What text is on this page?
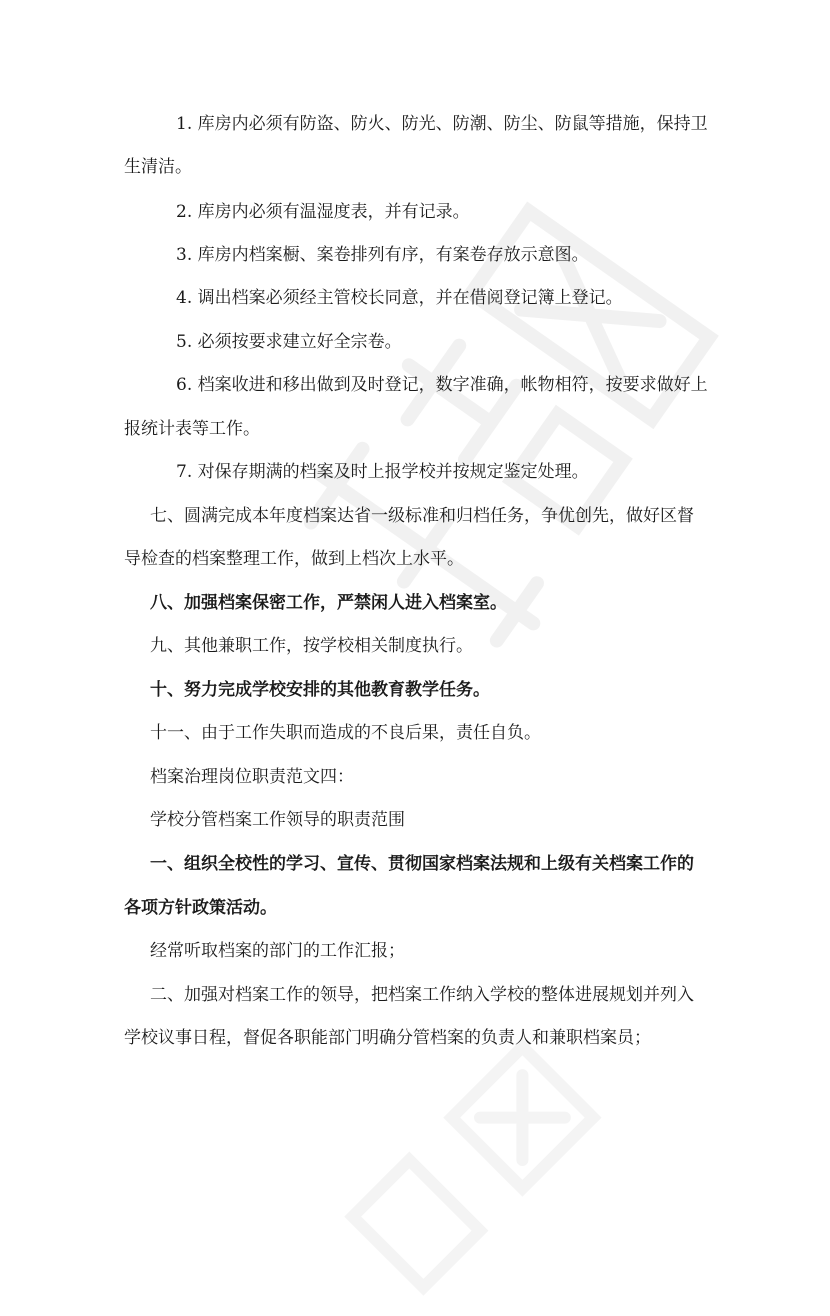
1. 库房内必须有防盗、防火、防光、防潮、防尘、防鼠等措施，保持卫
生清洁。
2. 库房内必须有温湿度表，并有记录。
3. 库房内档案橱、案卷排列有序，有案卷存放示意图。
4. 调出档案必须经主管校长同意，并在借阅登记簿上登记。
5. 必须按要求建立好全宗卷。
6. 档案收进和移出做到及时登记，数字准确，帐物相符，按要求做好上
报统计表等工作。
7. 对保存期满的档案及时上报学校并按规定鉴定处理。
七、圆满完成本年度档案达省一级标准和归档任务，争优创先，做好区督
导检查的档案整理工作，做到上档次上水平。
八、加强档案保密工作，严禁闲人进入档案室。
九、其他兼职工作，按学校相关制度执行。
十、努力完成学校安排的其他教育教学任务。
十一、由于工作失职而造成的不良后果，责任自负。
档案治理岗位职责范文四：
学校分管档案工作领导的职责范围
一、组织全校性的学习、宣传、贯彻国家档案法规和上级有关档案工作的
各项方针政策活动。
经常听取档案的部门的工作汇报；
二、加强对档案工作的领导，把档案工作纳入学校的整体进展规划并列入
学校议事日程，督促各职能部门明确分管档案的负责人和兼职档案员；
